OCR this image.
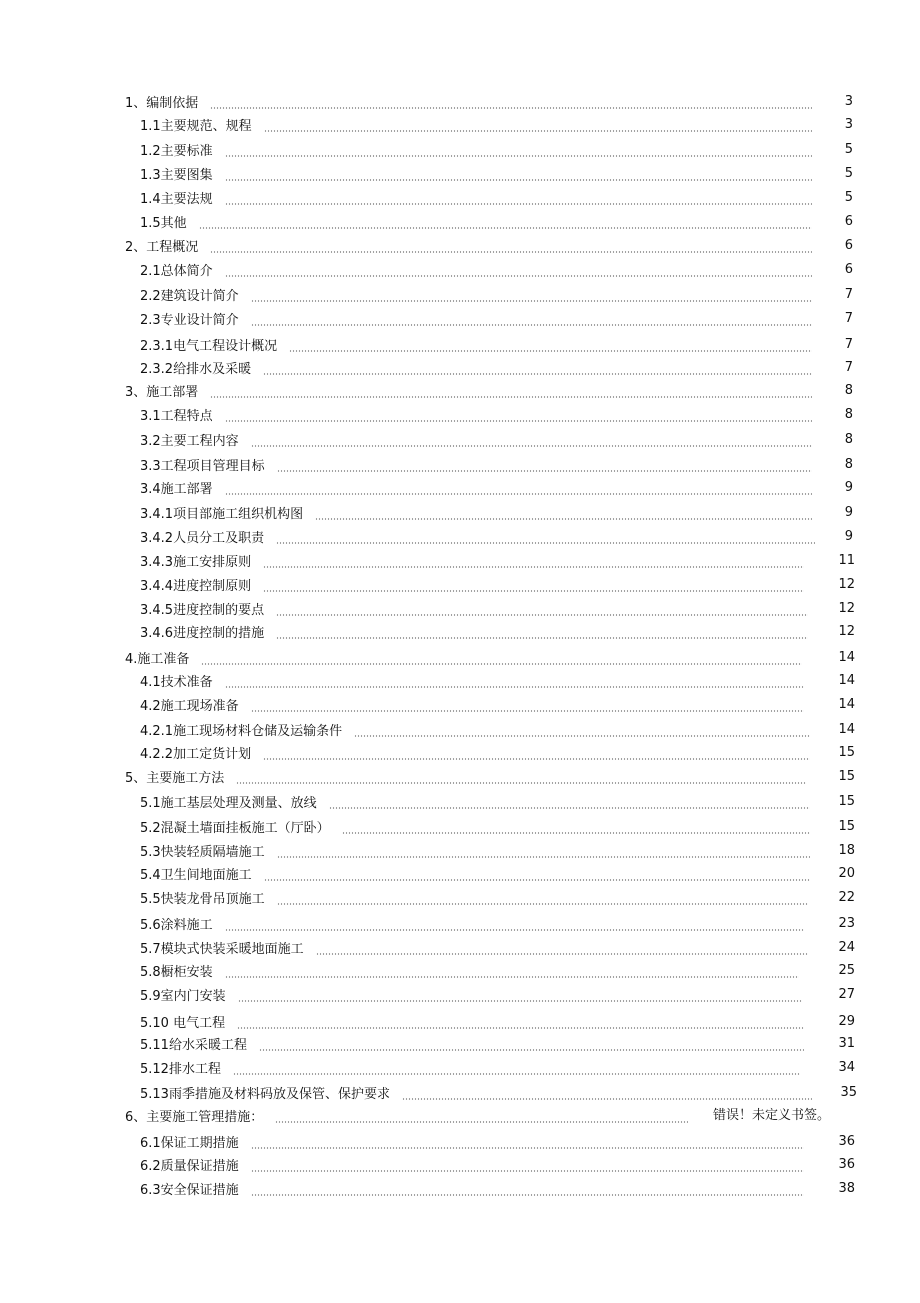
1、编制依据	3
1.1主要规范、规程	3
1.2主要标准	5
1.3主要图集	5
1.4主要法规	5
1.5其他	6
2、工程概况	6
2.1总体简介	6
2.2建筑设计简介	7
2.3专业设计简介	7
2.3.1电气工程设计概况	7
2.3.2给排水及采暖	7
3、施工部署	8
3.1工程特点	8
3.2主要工程内容	8
3.3工程项目管理目标	8
3.4施工部署	9
3.4.1项目部施工组织机构图	9
3.4.2人员分工及职责	9
3.4.3施工安排原则	11
3.4.4进度控制原则	12
3.4.5进度控制的要点	12
3.4.6进度控制的措施	12
4.施工准备	14
4.1技术准备	14
4.2施工现场准备	14
4.2.1施工现场材料仓储及运输条件	14
4.2.2加工定货计划	15
5、主要施工方法	15
5.1施工基层处理及测量、放线	15
5.2混凝土墙面挂板施工（厅卧）	15
5.3快装轻质隔墙施工	18
5.4卫生间地面施工	20
5.5快装龙骨吊顶施工	22
5.6涂料施工	23
5.7模块式快装采暖地面施工	24
5.8橱柜安装	25
5.9室内门安装	27
5.10 电气工程	29
5.11给水采暖工程	31
5.12排水工程	34
5.13雨季措施及材料码放及保管、保护要求	35
6、主要施工管理措施：	错误！未定义书签。
6.1保证工期措施	36
6.2质量保证措施	36
6.3安全保证措施	38
